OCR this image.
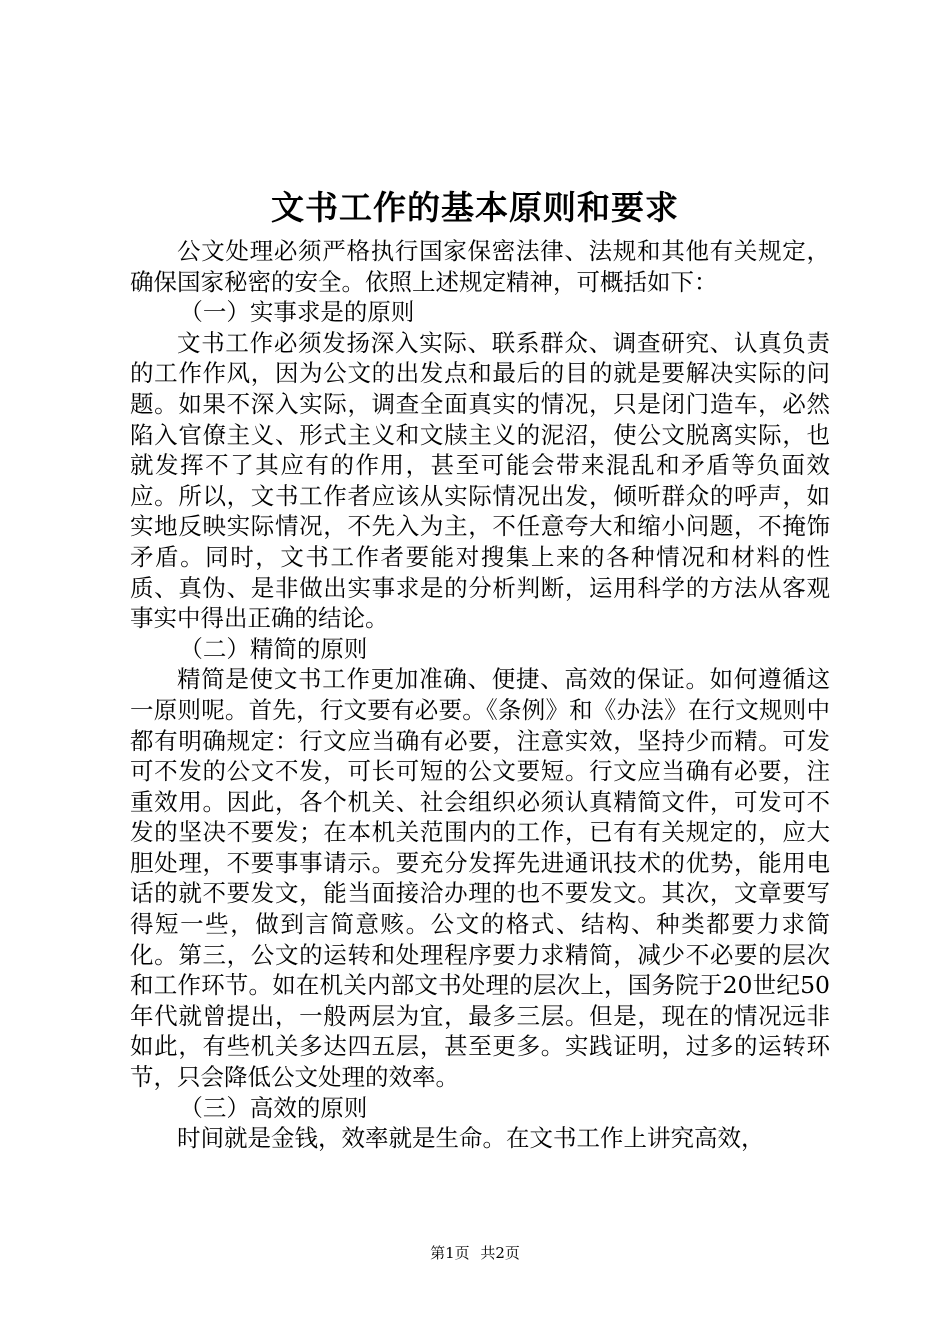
文书工作的基本原则和要求

公文处理必须严格执行国家保密法律、法规和其他有关规定，确保国家秘密的安全。依照上述规定精神，可概括如下：

（一）实事求是的原则

文书工作必须发扬深入实际、联系群众、调查研究、认真负责的工作作风，因为公文的出发点和最后的目的就是要解决实际的问题。如果不深入实际，调查全面真实的情况，只是闭门造车，必然陷入官僚主义、形式主义和文牍主义的泥沼，使公文脱离实际，也就发挥不了其应有的作用，甚至可能会带来混乱和矛盾等负面效应。所以，文书工作者应该从实际情况出发，倾听群众的呼声，如实地反映实际情况，不先入为主，不任意夸大和缩小问题，不掩饰矛盾。同时，文书工作者要能对搜集上来的各种情况和材料的性质、真伪、是非做出实事求是的分析判断，运用科学的方法从客观事实中得出正确的结论。

（二）精简的原则

精简是使文书工作更加准确、便捷、高效的保证。如何遵循这一原则呢。首先，行文要有必要。《条例》和《办法》在行文规则中都有明确规定：行文应当确有必要，注意实效，坚持少而精。可发可不发的公文不发，可长可短的公文要短。行文应当确有必要，注重效用。因此，各个机关、社会组织必须认真精简文件，可发可不发的坚决不要发；在本机关范围内的工作，已有有关规定的，应大胆处理，不要事事请示。要充分发挥先进通讯技术的优势，能用电话的就不要发文，能当面接洽办理的也不要发文。其次，文章要写得短一些，做到言简意赅。公文的格式、结构、种类都要力求简化。第三，公文的运转和处理程序要力求精简，减少不必要的层次和工作环节。如在机关内部文书处理的层次上，国务院于20世纪50年代就曾提出，一般两层为宜，最多三层。但是，现在的情况远非如此，有些机关多达四五层，甚至更多。实践证明，过多的运转环节，只会降低公文处理的效率。

（三）高效的原则

时间就是金钱，效率就是生命。在文书工作上讲究高效，

第1页 共2页
